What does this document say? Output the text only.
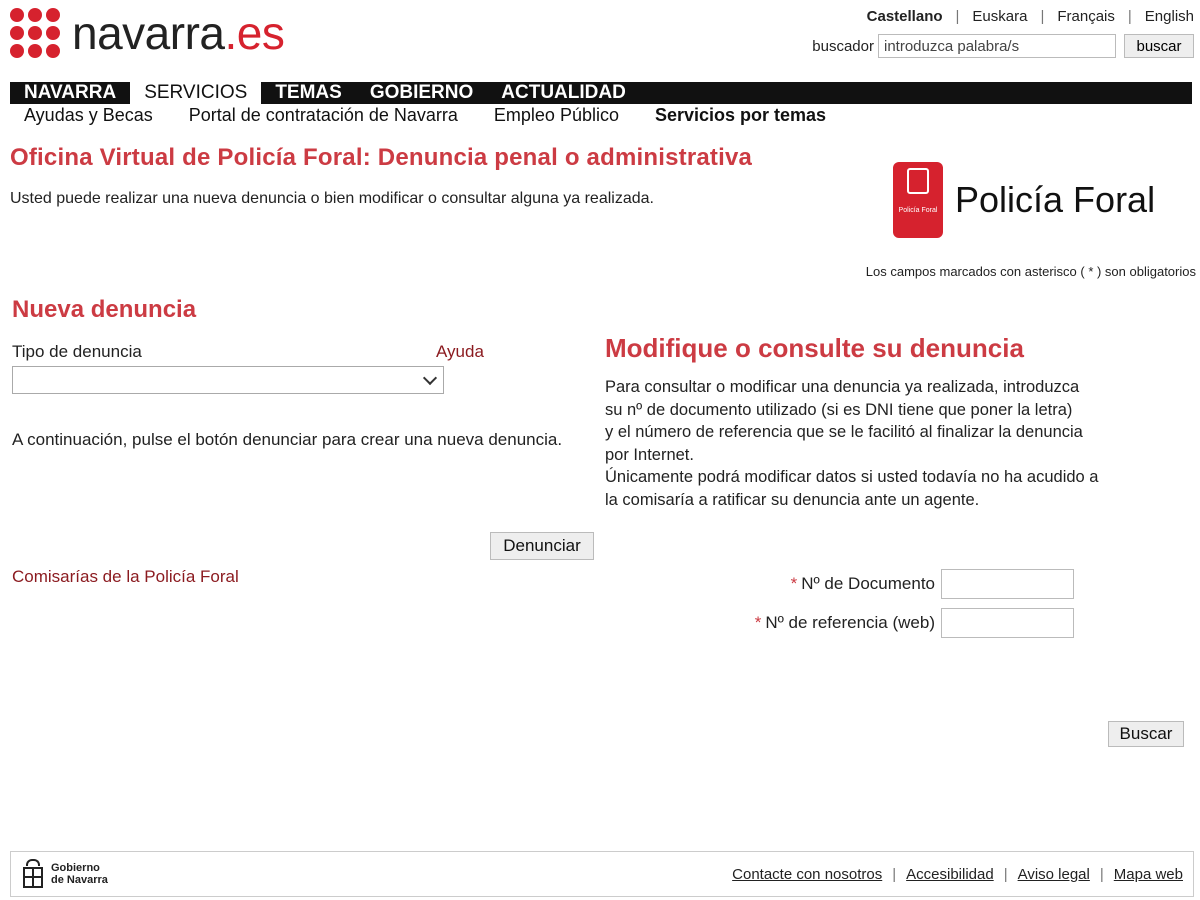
navarra.es	Castellano | Euskara | Français | English
buscador
introduzca palabra/s	buscar
NAVARRA	SERVICIOS	TEMAS	GOBIERNO	ACTUALIDAD
Ayudas y Becas Portal de contratación de Navarra Empleo Público Servicios por temas
Oficina Virtual de Policía Foral: Denuncia penal o administrativa

Usted puede realizar una nueva denuncia o bien modificar o consultar alguna ya realizada.

Policía Foral Policía Foral

Los campos marcados con asterisco ( * ) son obligatorios

Nueva denuncia
Tipo de denuncia	Ayuda

A continuación, pulse el botón denunciar para crear una nueva denuncia.

Denunciar
Comisarías de la Policía Foral
Modifique o consulte su denuncia

Para consultar o modificar una denuncia ya realizada, introduzca
su nº de documento utilizado (si es DNI tiene que poner la letra)
y el número de referencia que se le facilitó al finalizar la denuncia
por Internet.
Únicamente podrá modificar datos si usted todavía no ha acudido a
la comisaría a ratificar su denuncia ante un agente.

* Nº de Documento
* Nº de referencia (web)
Buscar
Gobierno
de Navarra	Contacte con nosotros | Accesibilidad | Aviso legal | Mapa web
